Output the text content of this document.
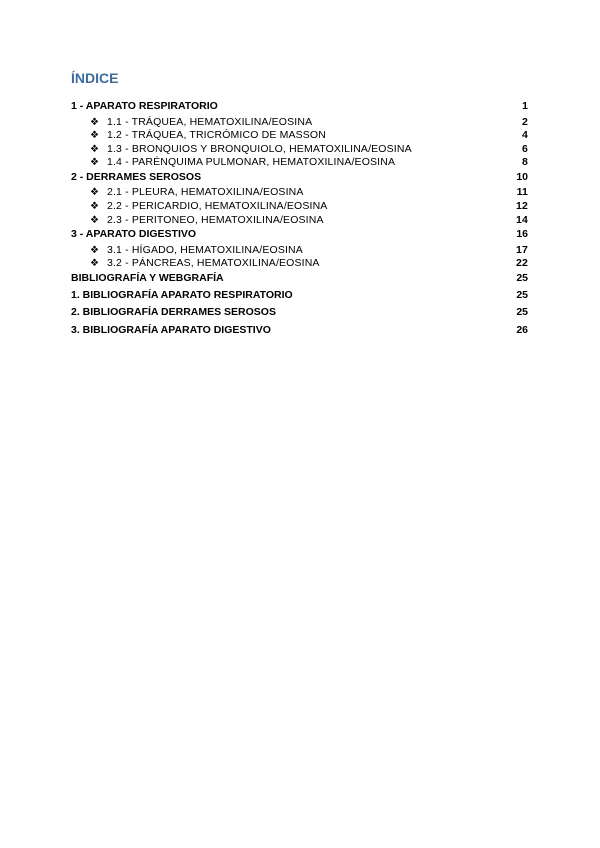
ÍNDICE
1 - APARATO RESPIRATORIO	1
❖ 1.1 - TRÁQUEA, HEMATOXILINA/EOSINA	2
❖ 1.2 - TRÁQUEA, TRICRÓMICO DE MASSON	4
❖ 1.3 - BRONQUIOS Y BRONQUIOLO, HEMATOXILINA/EOSINA	6
❖ 1.4 - PARÉNQUIMA PULMONAR, HEMATOXILINA/EOSINA	8
2 - DERRAMES SEROSOS	10
❖ 2.1 - PLEURA, HEMATOXILINA/EOSINA	11
❖ 2.2 - PERICARDIO, HEMATOXILINA/EOSINA	12
❖ 2.3 - PERITONEO, HEMATOXILINA/EOSINA	14
3 - APARATO DIGESTIVO	16
❖ 3.1 - HÍGADO, HEMATOXILINA/EOSINA	17
❖ 3.2 - PÁNCREAS, HEMATOXILINA/EOSINA	22
BIBLIOGRAFÍA Y WEBGRAFÍA	25
1. BIBLIOGRAFÍA APARATO RESPIRATORIO	25
2. BIBLIOGRAFÍA DERRAMES SEROSOS	25
3. BIBLIOGRAFÍA APARATO DIGESTIVO	26
